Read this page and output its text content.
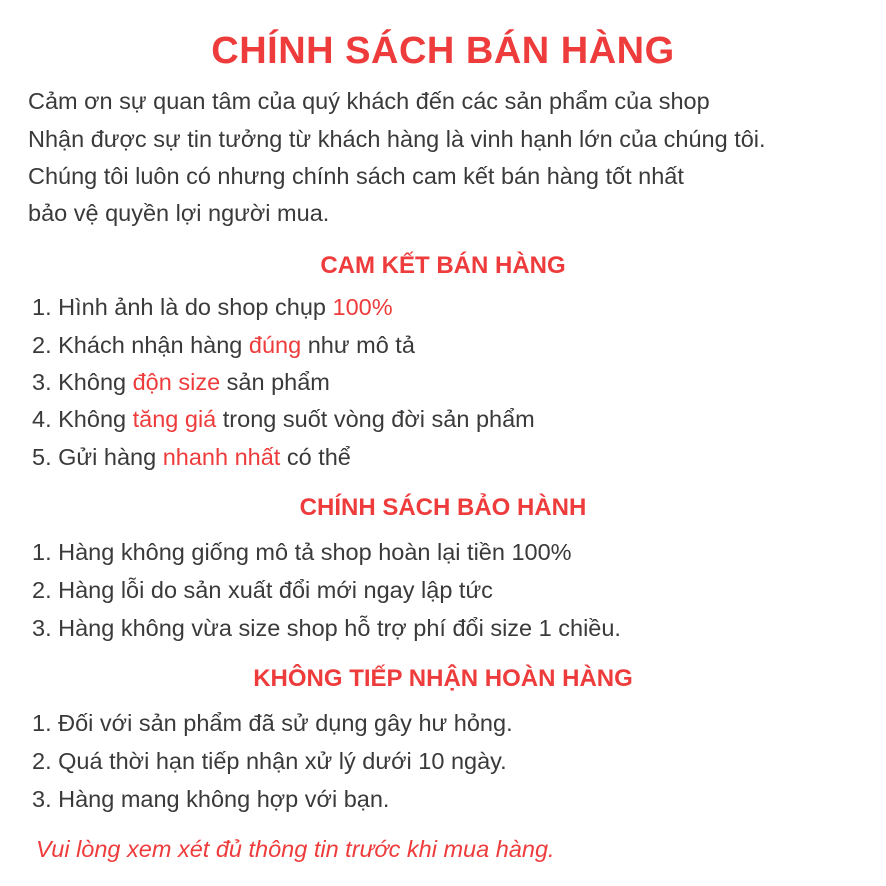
CHÍNH SÁCH BÁN HÀNG
Cảm ơn sự quan tâm của quý khách đến các sản phẩm của shop
Nhận được sự tin tưởng từ khách hàng là vinh hạnh lớn của chúng tôi.
Chúng tôi luôn có nhưng chính sách cam kết bán hàng tốt nhất
bảo vệ quyền lợi người mua.
CAM KẾT BÁN HÀNG
1. Hình ảnh là do shop chụp 100%
2. Khách nhận hàng đúng như mô tả
3. Không độn size sản phẩm
4. Không tăng giá trong suốt vòng đời sản phẩm
5. Gửi hàng nhanh nhất có thể
CHÍNH SÁCH BẢO HÀNH
1. Hàng không giống mô tả shop hoàn lại tiền 100%
2. Hàng lỗi do sản xuất đổi mới ngay lập tức
3. Hàng không vừa size shop hỗ trợ phí đổi size 1 chiều.
KHÔNG TIẾP NHẬN HOÀN HÀNG
1. Đối với sản phẩm đã sử dụng gây hư hỏng.
2. Quá thời hạn tiếp nhận xử lý dưới 10 ngày.
3. Hàng mang không hợp với bạn.
Vui lòng xem xét đủ thông tin trước khi mua hàng.
